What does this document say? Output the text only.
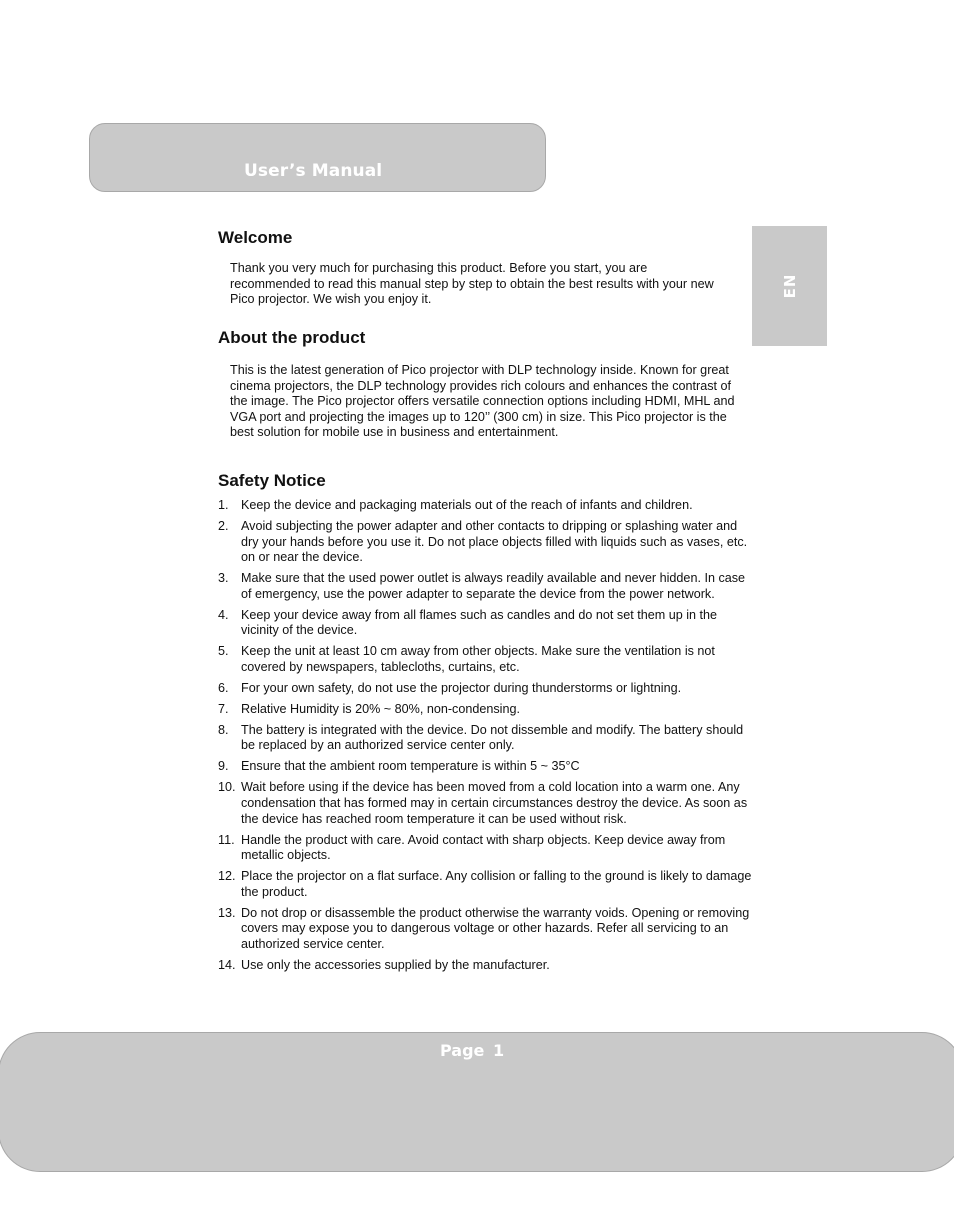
User’s Manual
EN
Welcome

Thank you very much for purchasing this product. Before you start, you are recommended to read this manual step by step to obtain the best results with your new Pico projector. We wish you enjoy it.

About the product

This is the latest generation of Pico projector with DLP technology inside. Known for great cinema projectors, the DLP technology provides rich colours and enhances the contrast of the image. The Pico projector offers versatile connection options including HDMI, MHL and VGA port and projecting the images up to 120’’ (300 cm) in size. This Pico projector is the best solution for mobile use in business and entertainment.

Safety Notice
1. Keep the device and packaging materials out of the reach of infants and children.
2. Avoid subjecting the power adapter and other contacts to dripping or splashing water and dry your hands before you use it. Do not place objects filled with liquids such as vases, etc. on or near the device.
3. Make sure that the used power outlet is always readily available and never hidden. In case of emergency, use the power adapter to separate the device from the power network.
4. Keep your device away from all flames such as candles and do not set them up in the vicinity of the device.
5. Keep the unit at least 10 cm away from other objects. Make sure the ventilation is not covered by newspapers, tablecloths, curtains, etc.
6. For your own safety, do not use the projector during thunderstorms or lightning.
7. Relative Humidity is 20% ~ 80%, non-condensing.
8. The battery is integrated with the device. Do not dissemble and modify. The battery should be replaced by an authorized service center only.
9. Ensure that the ambient room temperature is within 5 ~ 35°C
10. Wait before using if the device has been moved from a cold location into a warm one. Any condensation that has formed may in certain circumstances destroy the device. As soon as the device has reached room temperature it can be used without risk.
11. Handle the product with care. Avoid contact with sharp objects. Keep device away from metallic objects.
12. Place the projector on a flat surface. Any collision or falling to the ground is likely to damage the product.
13. Do not drop or disassemble the product otherwise the warranty voids. Opening or removing covers may expose you to dangerous voltage or other hazards. Refer all servicing to an authorized service center.
14. Use only the accessories supplied by the manufacturer.
Page 1
